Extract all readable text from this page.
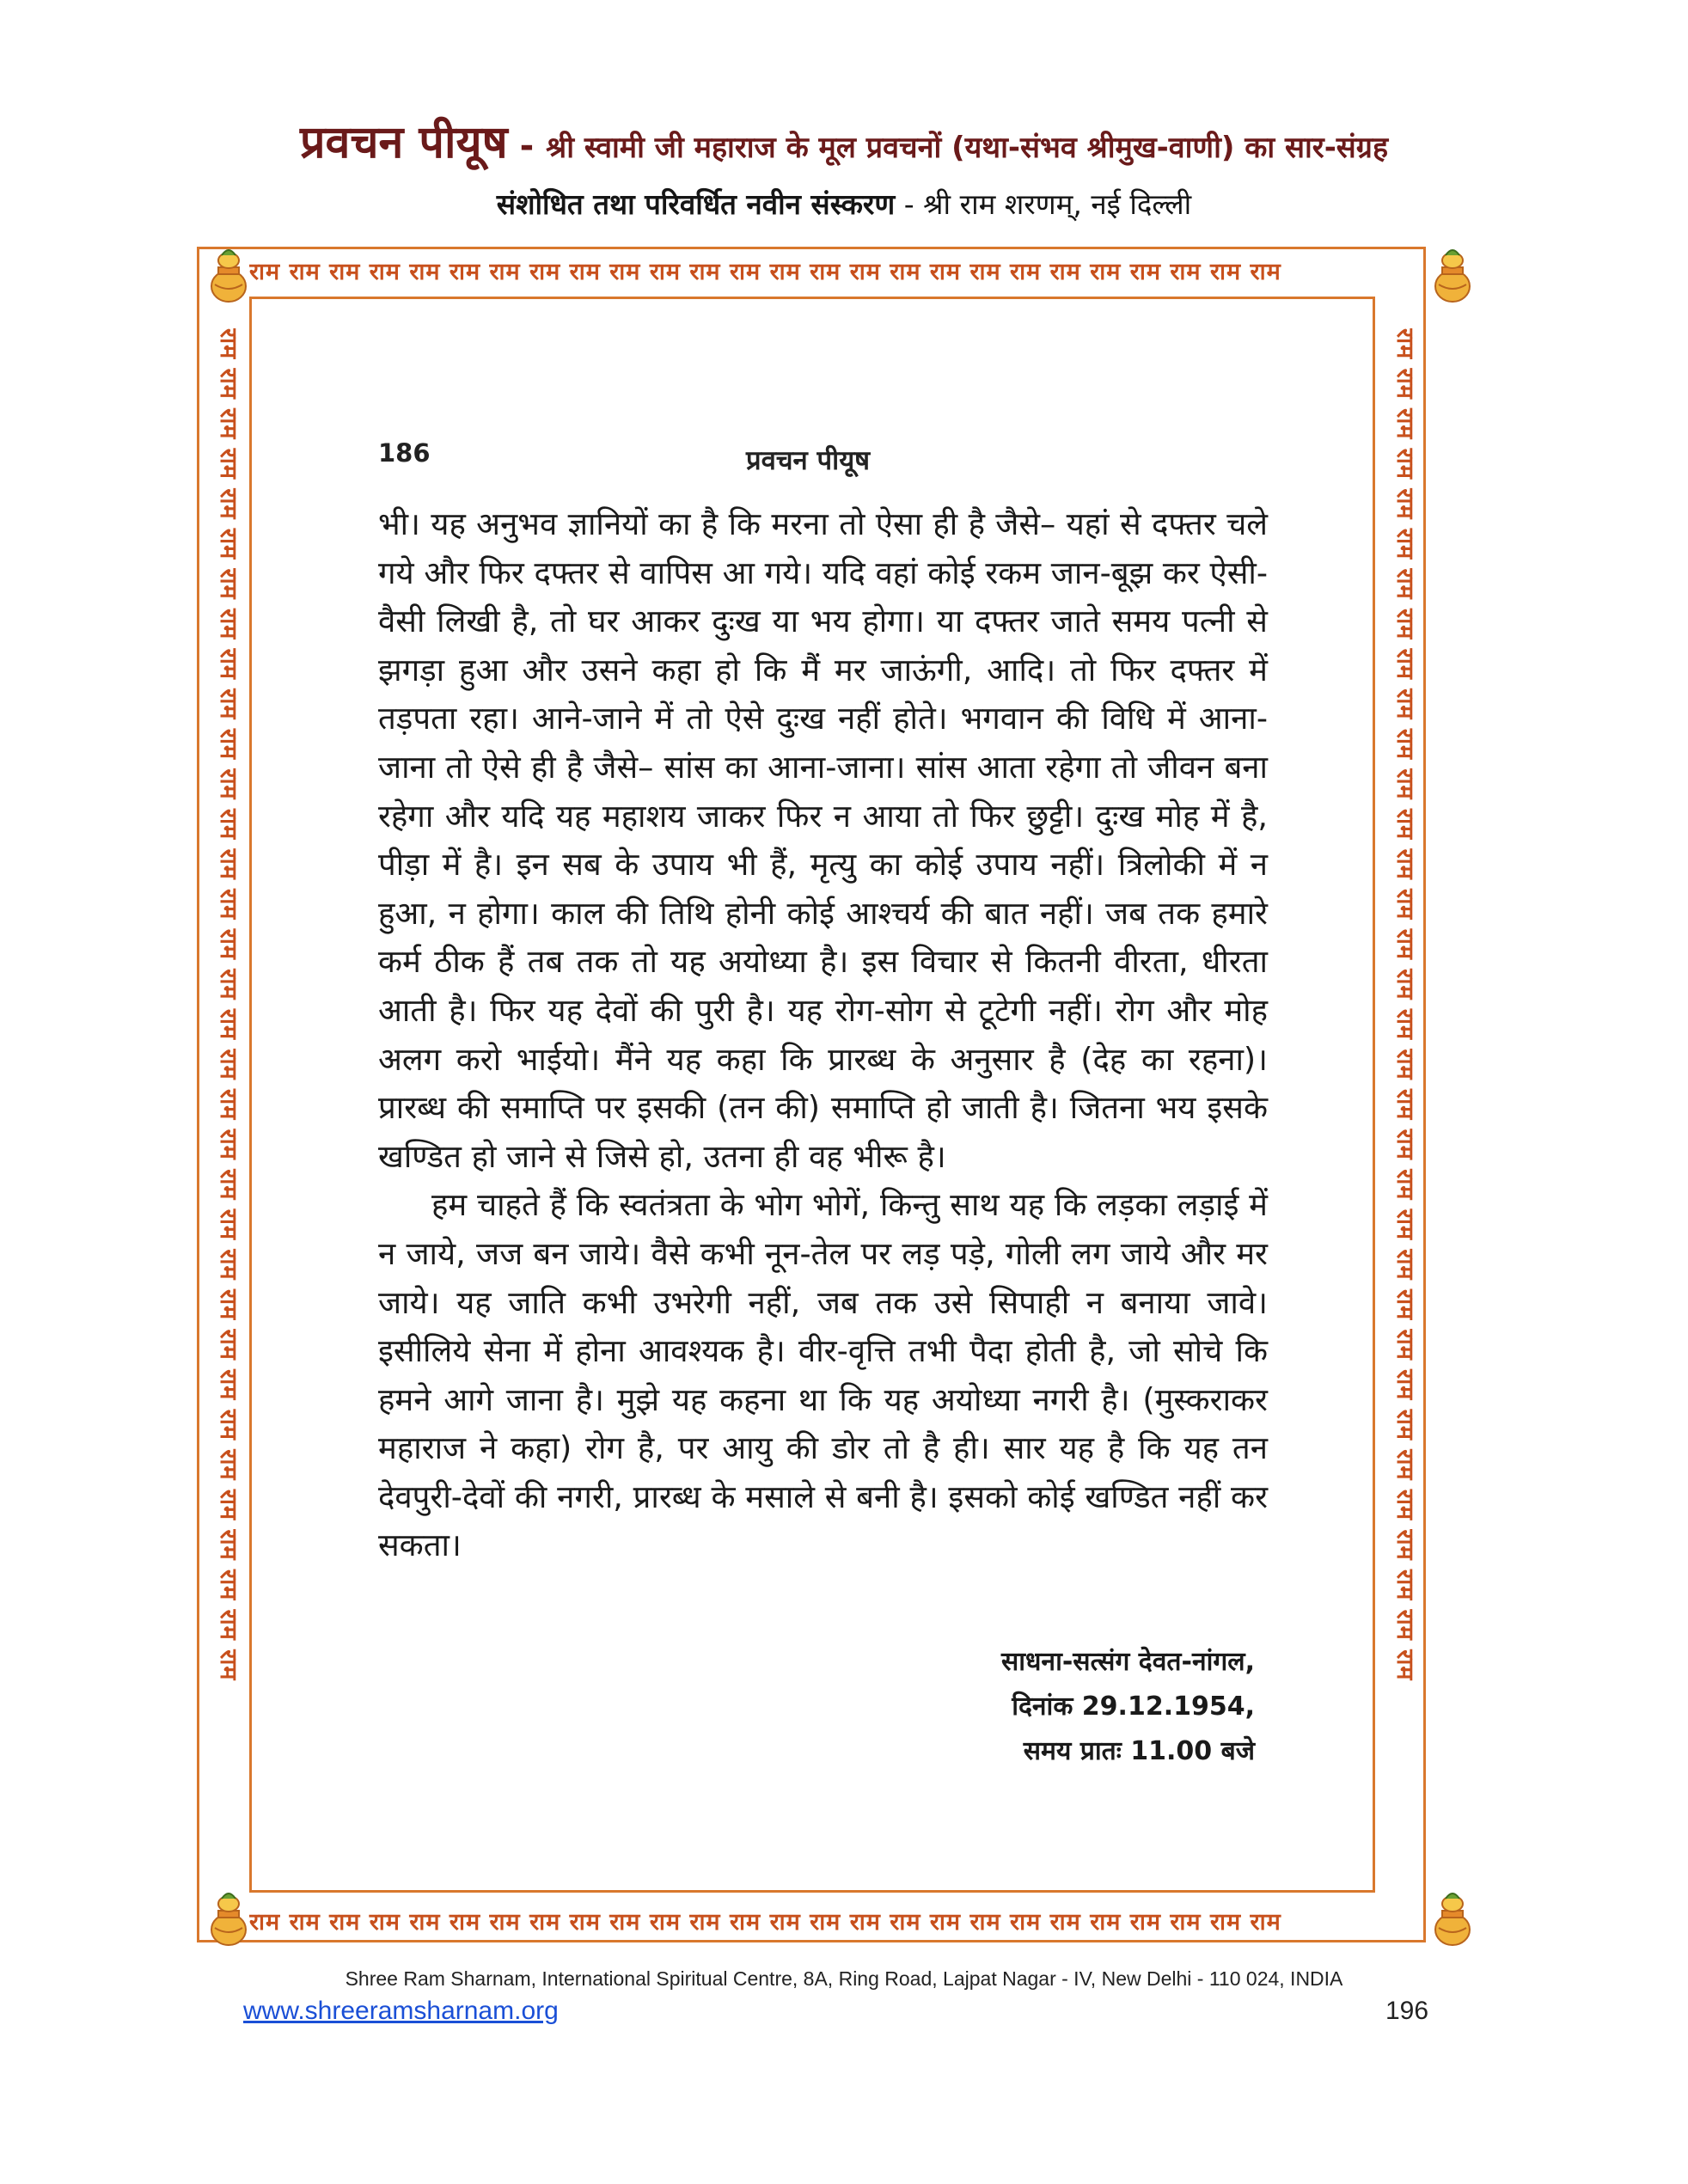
प्रवचन पीयूष - श्री स्वामी जी महाराज के मूल प्रवचनों (यथा-संभव श्रीमुख-वाणी) का सार-संग्रह
संशोधित तथा परिवर्धित नवीन संस्करण - श्री राम शरणम्, नई दिल्ली
राम राम राम राम राम राम राम राम राम राम राम राम राम राम राम राम राम राम राम राम राम राम राम राम राम राम
राम राम राम राम राम राम राम राम राम राम राम राम राम राम राम राम राम राम राम राम राम राम राम राम राम राम
राम राम राम राम राम राम राम राम राम राम राम राम राम राम राम राम राम राम राम राम राम राम राम राम राम राम राम राम राम राम राम राम राम राम	राम राम राम राम राम राम राम राम राम राम राम राम राम राम राम राम राम राम राम राम राम राम राम राम राम राम राम राम राम राम राम राम राम राम
186	प्रवचन पीयूष

भी। यह अनुभव ज्ञानियों का है कि मरना तो ऐसा ही है जैसे– यहां से दफ्तर चले गये और फिर दफ्तर से वापिस आ गये। यदि वहां कोई रकम जान-बूझ कर ऐसी-वैसी लिखी है, तो घर आकर दुःख या भय होगा। या दफ्तर जाते समय पत्नी से झगड़ा हुआ और उसने कहा हो कि मैं मर जाऊंगी, आदि। तो फिर दफ्तर में तड़पता रहा। आने-जाने में तो ऐसे दुःख नहीं होते। भगवान की विधि में आना-जाना तो ऐसे ही है जैसे– सांस का आना-जाना। सांस आता रहेगा तो जीवन बना रहेगा और यदि यह महाशय जाकर फिर न आया तो फिर छुट्टी। दुःख मोह में है, पीड़ा में है। इन सब के उपाय भी हैं, मृत्यु का कोई उपाय नहीं। त्रिलोकी में न हुआ, न होगा। काल की तिथि होनी कोई आश्चर्य की बात नहीं। जब तक हमारे कर्म ठीक हैं तब तक तो यह अयोध्या है। इस विचार से कितनी वीरता, धीरता आती है। फिर यह देवों की पुरी है। यह रोग-सोग से टूटेगी नहीं। रोग और मोह अलग करो भाईयो। मैंने यह कहा कि प्रारब्ध के अनुसार है (देह का रहना)। प्रारब्ध की समाप्ति पर इसकी (तन की) समाप्ति हो जाती है। जितना भय इसके खण्डित हो जाने से जिसे हो, उतना ही वह भीरू है।

हम चाहते हैं कि स्वतंत्रता के भोग भोगें, किन्तु साथ यह कि लड़का लड़ाई में न जाये, जज बन जाये। वैसे कभी नून-तेल पर लड़ पड़े, गोली लग जाये और मर जाये। यह जाति कभी उभरेगी नहीं, जब तक उसे सिपाही न बनाया जावे। इसीलिये सेना में होना आवश्यक है। वीर-वृत्ति तभी पैदा होती है, जो सोचे कि हमने आगे जाना है। मुझे यह कहना था कि यह अयोध्या नगरी है। (मुस्कराकर महाराज ने कहा) रोग है, पर आयु की डोर तो है ही। सार यह है कि यह तन देवपुरी-देवों की नगरी, प्रारब्ध के मसाले से बनी है। इसको कोई खण्डित नहीं कर सकता।

साधना-सत्संग देवत-नांगल,
दिनांक 29.12.1954,
समय प्रातः 11.00 बजे
Shree Ram Sharnam, International Spiritual Centre, 8A, Ring Road, Lajpat Nagar - IV, New Delhi - 110 024, INDIA
www.shreeramsharnam.org	196
